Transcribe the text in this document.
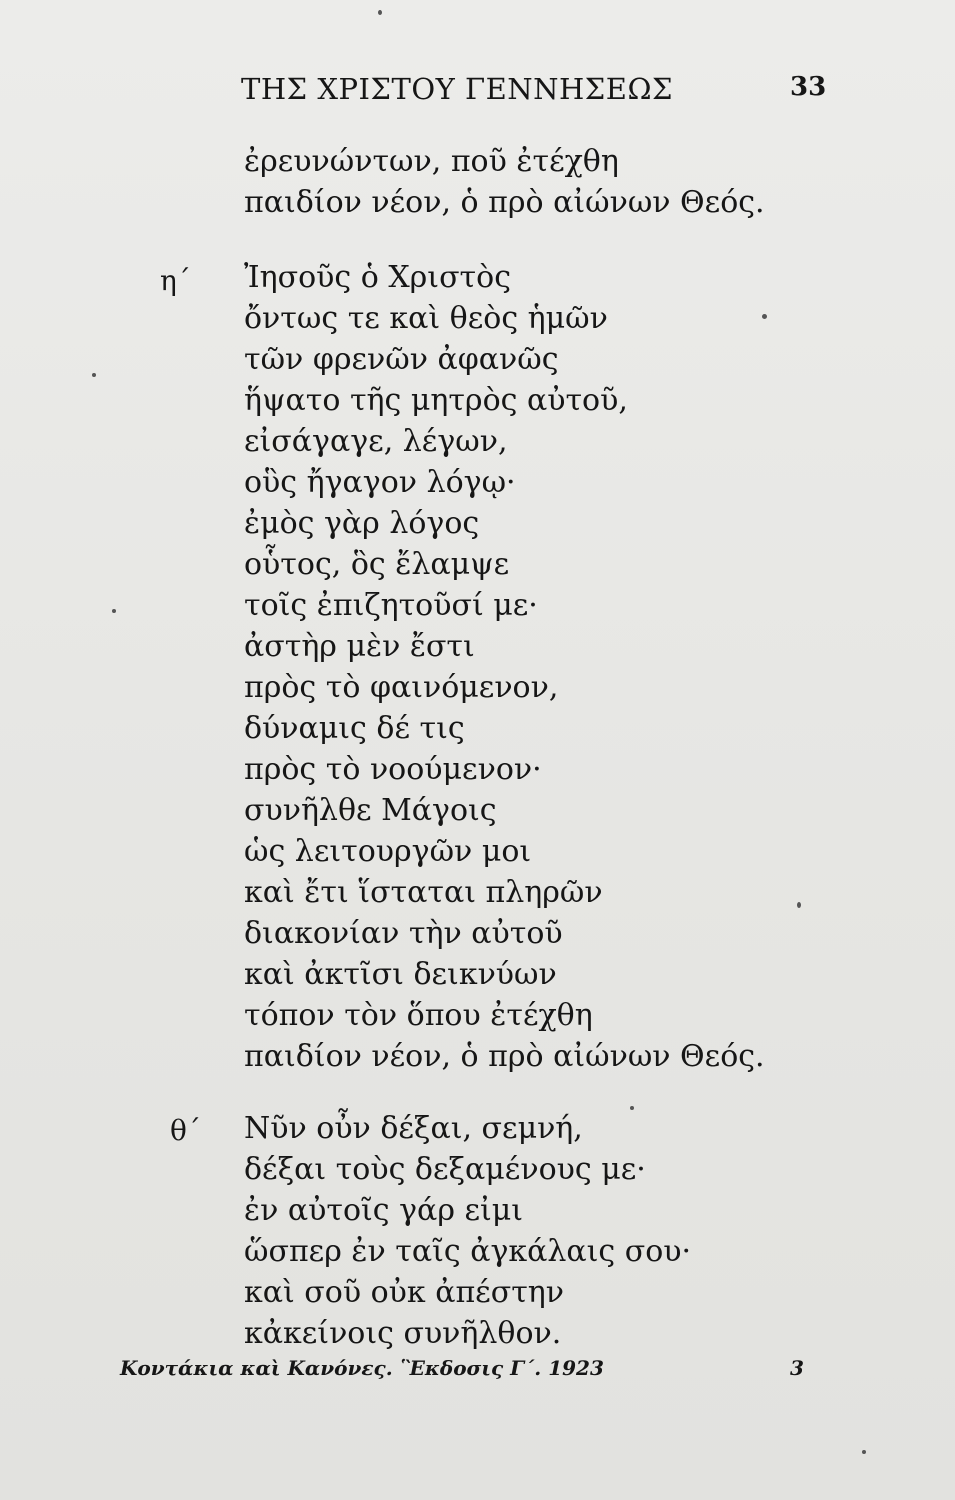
ΤΗΣ ΧΡΙΣΤΟΥ ΓΕΝΝΗΣΕΩΣ	33
ἐρευνώντων, ποῦ ἐτέχθη
παιδίον νέον, ὁ πρὸ αἰώνων Θεός.
η΄ Ἰησοῦς ὁ Χριστὸς
ὄντως τε καὶ θεὸς ἡμῶν
τῶν φρενῶν ἀφανῶς
ἥψατο τῆς μητρὸς αὐτοῦ,
εἰσάγαγε, λέγων,
οὓς ἤγαγον λόγῳ·
ἐμὸς γὰρ λόγος
οὗτος, ὃς ἔλαμψε
τοῖς ἐπιζητοῦσί με·
ἀστὴρ μὲν ἔστι
πρὸς τὸ φαινόμενον,
δύναμις δέ τις
πρὸς τὸ νοούμενον·
συνῆλθε Μάγοις
ὡς λειτουργῶν μοι
καὶ ἔτι ἵσταται πληρῶν
διακονίαν τὴν αὐτοῦ
καὶ ἀκτῖσι δεικνύων
τόπον τὸν ὅπου ἐτέχθη
παιδίον νέον, ὁ πρὸ αἰώνων Θεός.
θ΄ Νῦν οὖν δέξαι, σεμνή,
δέξαι τοὺς δεξαμένους με·
ἐν αὐτοῖς γάρ εἰμι
ὥσπερ ἐν ταῖς ἀγκάλαις σου·
καὶ σοῦ οὐκ ἀπέστην
κἀκείνοις συνῆλθον.
Κοντάκια καὶ Κανόνες. ῝Εκδοσις Γ΄. 1923	3
